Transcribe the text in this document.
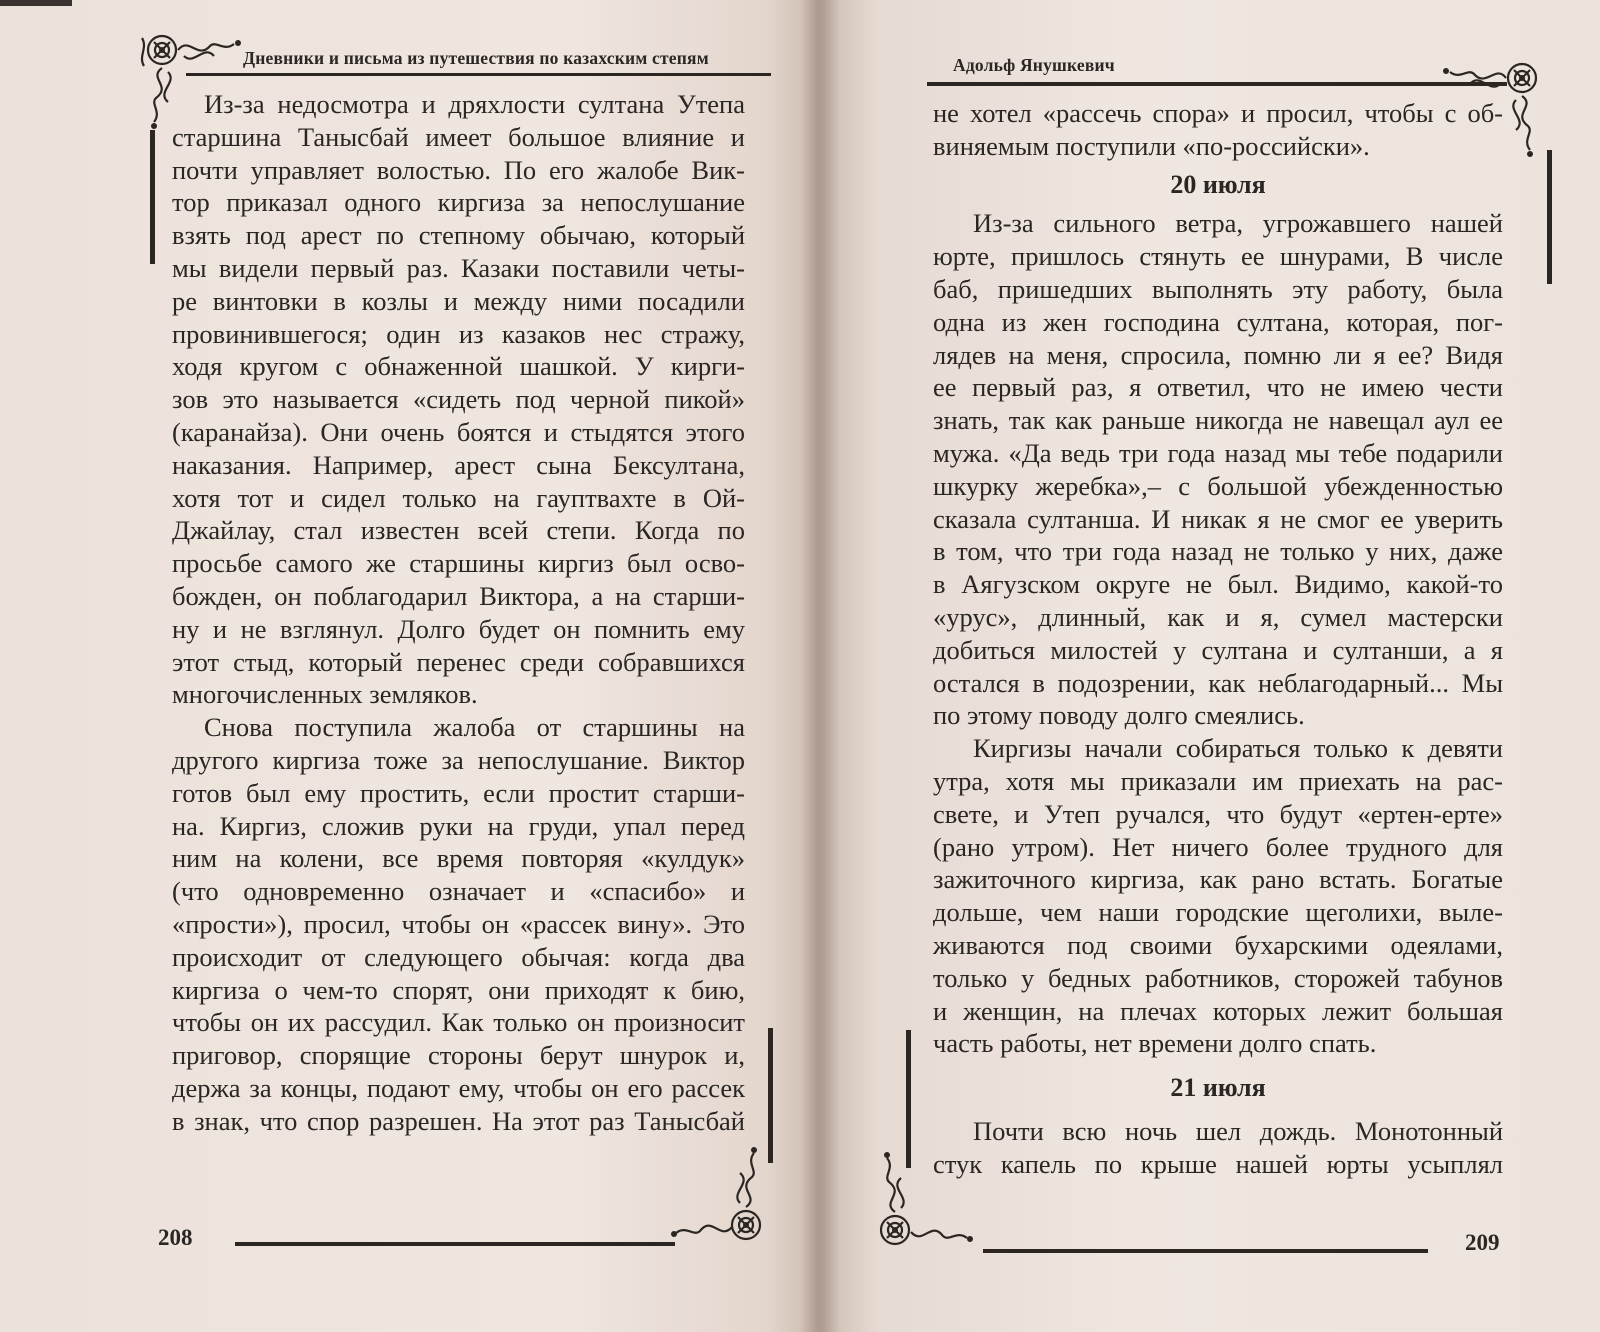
Дневники и письма из путешествия по казахским степям
Из-за недосмотра и дряхлости султана Утепа
старшина Танысбай имеет большое влияние и
почти управляет волостью. По его жалобе Вик-
тор приказал одного киргиза за непослушание
взять под арест по степному обычаю, который
мы видели первый раз. Казаки поставили четы-
ре винтовки в козлы и между ними посадили
провинившегося; один из казаков нес стражу,
ходя кругом с обнаженной шашкой. У кирги-
зов это называется «сидеть под черной пикой»
(каранайза). Они очень боятся и стыдятся этого
наказания. Например, арест сына Бексултана,
хотя тот и сидел только на гауптвахте в Ой-
Джайлау, стал известен всей степи. Когда по
просьбе самого же старшины киргиз был осво-
божден, он поблагодарил Виктора, а на старши-
ну и не взглянул. Долго будет он помнить ему
этот стыд, который перенес среди собравшихся
многочисленных земляков.
Снова поступила жалоба от старшины на
другого киргиза тоже за непослушание. Виктор
готов был ему простить, если простит старши-
на. Киргиз, сложив руки на груди, упал перед
ним на колени, все время повторяя «кулдук»
(что одновременно означает и «спасибо» и
«прости»), просил, чтобы он «рассек вину». Это
происходит от следующего обычая: когда два
киргиза о чем-то спорят, они приходят к бию,
чтобы он их рассудил. Как только он произносит
приговор, спорящие стороны берут шнурок и,
держа за концы, подают ему, чтобы он его рассек
в знак, что спор разрешен. На этот раз Танысбай
208
Адольф Янушкевич
не хотел «рассечь спора» и просил, чтобы с об-
виняемым поступили «по-российски».
20 июля
Из-за сильного ветра, угрожавшего нашей
юрте, пришлось стянуть ее шнурами, В числе
баб, пришедших выполнять эту работу, была
одна из жен господина султана, которая, пог-
лядев на меня, спросила, помню ли я ее? Видя
ее первый раз, я ответил, что не имею чести
знать, так как раньше никогда не навещал аул ее
мужа. «Да ведь три года назад мы тебе подарили
шкурку жеребка»,– с большой убежденностью
сказала султанша. И никак я не смог ее уверить
в том, что три года назад не только у них, даже
в Аягузском округе не был. Видимо, какой-то
«урус», длинный, как и я, сумел мастерски
добиться милостей у султана и султанши, а я
остался в подозрении, как неблагодарный... Мы
по этому поводу долго смеялись.
Киргизы начали собираться только к девяти
утра, хотя мы приказали им приехать на рас-
свете, и Утеп ручался, что будут «ертен-ерте»
(рано утром). Нет ничего более трудного для
зажиточного киргиза, как рано встать. Богатые
дольше, чем наши городские щеголихи, выле-
живаются под своими бухарскими одеялами,
только у бедных работников, сторожей табунов
и женщин, на плечах которых лежит большая
часть работы, нет времени долго спать.
21 июля
Почти всю ночь шел дождь. Монотонный
стук капель по крыше нашей юрты усыплял
209
